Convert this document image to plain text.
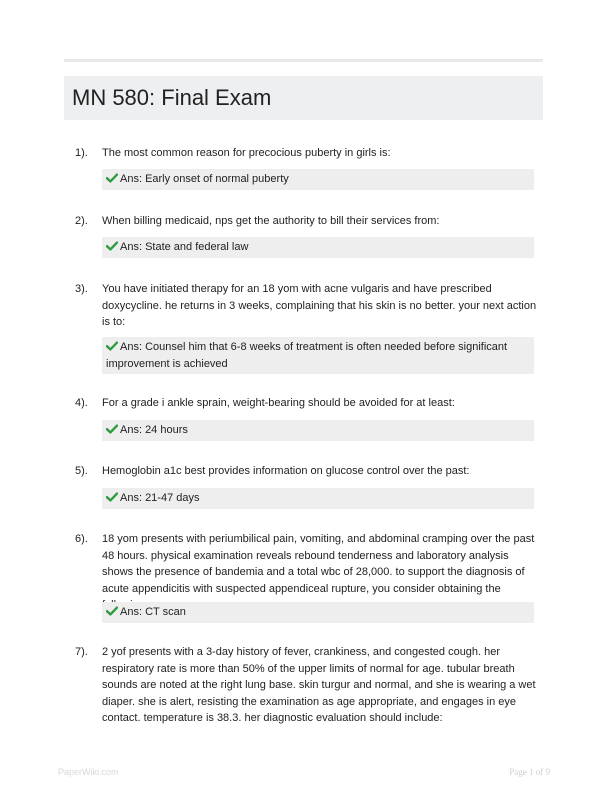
MN 580: Final Exam
1). The most common reason for precocious puberty in girls is:
Ans: Early onset of normal puberty
2). When billing medicaid, nps get the authority to bill their services from:
Ans: State and federal law
3). You have initiated therapy for an 18 yom with acne vulgaris and have prescribed doxycycline. he returns in 3 weeks, complaining that his skin is no better. your next action is to:
Ans: Counsel him that 6-8 weeks of treatment is often needed before significant improvement is achieved
4). For a grade i ankle sprain, weight-bearing should be avoided for at least:
Ans: 24 hours
5). Hemoglobin a1c best provides information on glucose control over the past:
Ans: 21-47 days
6). 18 yom presents with periumbilical pain, vomiting, and abdominal cramping over the past 48 hours. physical examination reveals rebound tenderness and laboratory analysis shows the presence of bandemia and a total wbc of 28,000. to support the diagnosis of acute appendicitis with suspected appendiceal rupture, you consider obtaining the
Ans: CT scan
7). 2 yof presents with a 3-day history of fever, crankiness, and congested cough. her respiratory rate is more than 50% of the upper limits of normal for age. tubular breath sounds are noted at the right lung base. skin turgur and normal, and she is wearing a wet diaper. she is alert, resisting the examination as age appropriate, and engages in eye contact. temperature is 38.3. her diagnostic evaluation should include:
PaperWiki.com	Page 1 of 9
